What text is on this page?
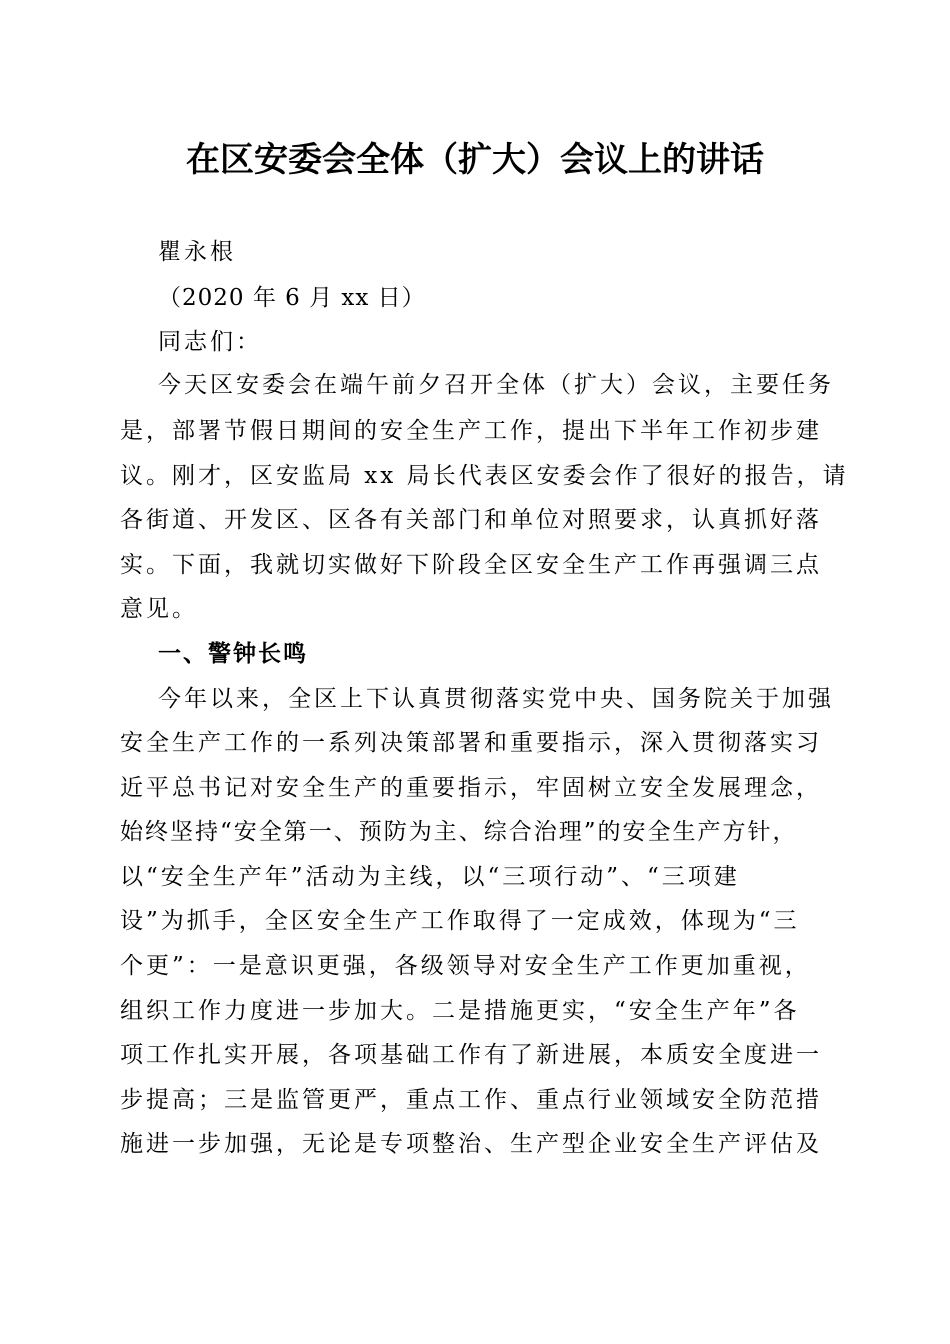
在区安委会全体（扩大）会议上的讲话
瞿永根
（2020 年 6 月 xx 日）
同志们：
今天区安委会在端午前夕召开全体（扩大）会议，主要任务
是，部署节假日期间的安全生产工作，提出下半年工作初步建
议。刚才，区安监局 xx 局长代表区安委会作了很好的报告，请
各街道、开发区、区各有关部门和单位对照要求，认真抓好落
实。下面，我就切实做好下阶段全区安全生产工作再强调三点
意见。
一、警钟长鸣
今年以来，全区上下认真贯彻落实党中央、国务院关于加强
安全生产工作的一系列决策部署和重要指示，深入贯彻落实习
近平总书记对安全生产的重要指示，牢固树立安全发展理念，
始终坚持“安全第一、预防为主、综合治理”的安全生产方针，
以“安全生产年”活动为主线，以“三项行动”、“三项建
设”为抓手，全区安全生产工作取得了一定成效，体现为“三
个更”：一是意识更强，各级领导对安全生产工作更加重视，
组织工作力度进一步加大。二是措施更实，“安全生产年”各
项工作扎实开展，各项基础工作有了新进展，本质安全度进一
步提高；三是监管更严，重点工作、重点行业领域安全防范措
施进一步加强，无论是专项整治、生产型企业安全生产评估及
